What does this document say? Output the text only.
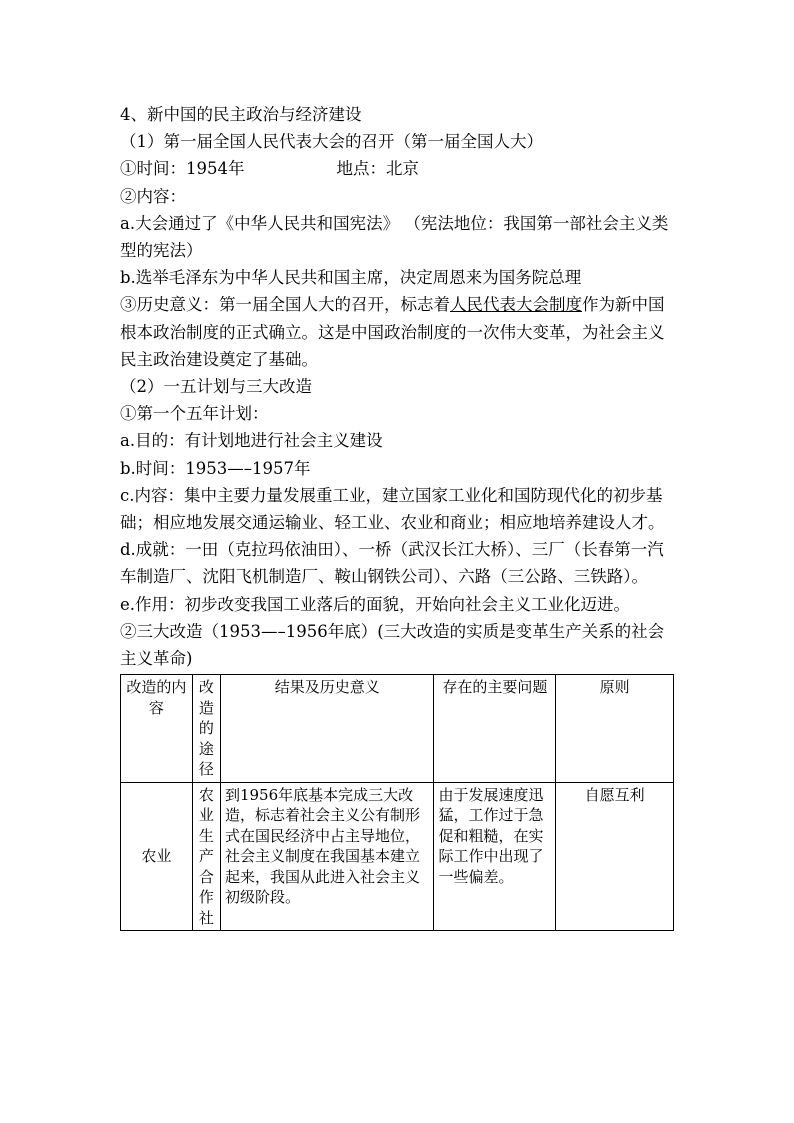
4、新中国的民主政治与经济建设

（1）第一届全国人民代表大会的召开（第一届全国人大）

①时间：1954年	地点：北京

②内容：

a.大会通过了《中华人民共和国宪法》 （宪法地位：我国第一部社会主义类型的宪法）

b.选举毛泽东为中华人民共和国主席，决定周恩来为国务院总理

③历史意义：第一届全国人大的召开，标志着人民代表大会制度作为新中国根本政治制度的正式确立。这是中国政治制度的一次伟大变革，为社会主义民主政治建设奠定了基础。

（2）一五计划与三大改造

①第一个五年计划：

a.目的：有计划地进行社会主义建设

b.时间：1953—–1957年

c.内容：集中主要力量发展重工业，建立国家工业化和国防现代化的初步基础；相应地发展交通运输业、轻工业、农业和商业；相应地培养建设人才。

d.成就：一田（克拉玛依油田）、一桥（武汉长江大桥）、三厂（长春第一汽车制造厂、沈阳飞机制造厂、鞍山钢铁公司）、六路（三公路、三铁路）。

e.作用：初步改变我国工业落后的面貌，开始向社会主义工业化迈进。

②三大改造（1953—–1956年底）(三大改造的实质是变革生产关系的社会主义革命)

改造的内容	改造的途径	结果及历史意义	存在的主要问题	原则
农业	农业生产合作社	到1956年底基本完成三大改造，标志着社会主义公有制形式在国民经济中占主导地位，社会主义制度在我国基本建立起来，我国从此进入社会主义初级阶段。	由于发展速度迅猛，工作过于急促和粗糙，在实际工作中出现了一些偏差。	自愿互利
